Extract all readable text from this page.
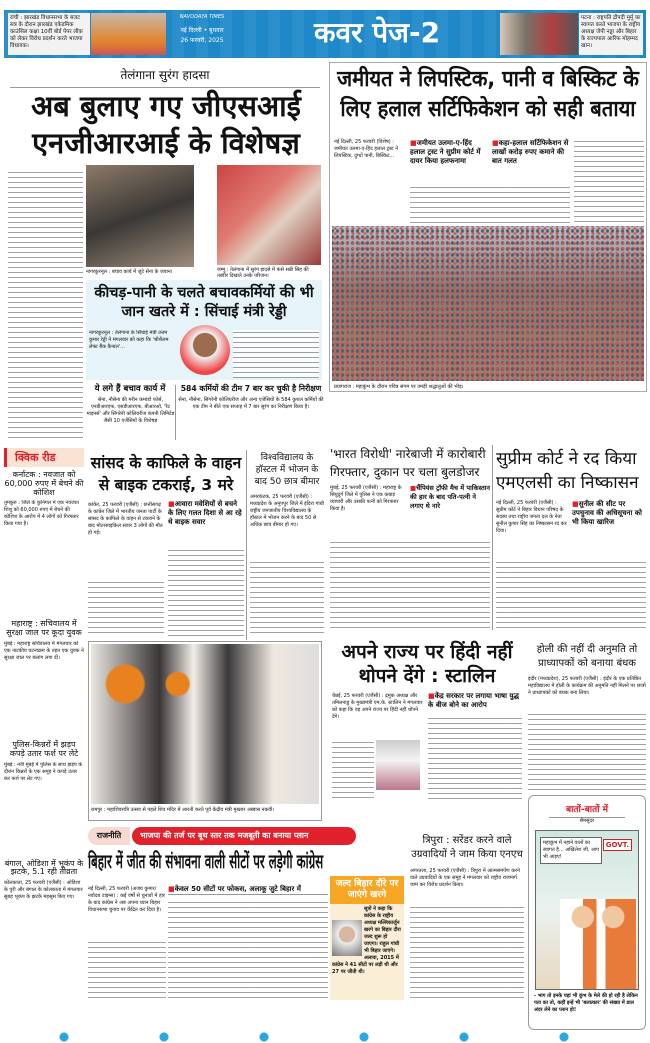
रांची : झारखंड विधानसभा के बजट सत्र के दौरान झारखंड एकेडमिक काउंसिल कक्षा 10वीं बोर्ड पेपर लीक को लेकर विरोध प्रदर्शन करते भाजपा विधायक।
NAVODAYA TIMES
नई दिल्ली • बुधवार
26 फरवरी, 2025	कवर पेज-2	पटना : राष्ट्रपति द्रौपदी मुर्मू का स्वागत करते भाजपा के राष्ट्रीय अध्यक्ष जेपी नड्डा और बिहार के राज्यपाल आरिफ मोहम्मद खान।
तेलंगाना सुरंग हादसा
अब बुलाए गए जीएसआई एनजीआरआई के विशेषज्ञ
नागरकुरनूल : बचाव कार्य में जुटे सेना के जवान।	जम्मू : तेलंगाना में सुरंग हादसे में फंसे सन्नी सिंह की तस्वीर दिखाते उनके परिजन।
कीचड़-पानी के चलते बचावकर्मियों की भी जान खतरे में : सिंचाई मंत्री रेड्डी
नागरकुरनूल : तेलंगाना के सिंचाई मंत्री उत्तम कुमार रेड्डी ने मंगलवार को कहा कि 'श्रीशैलम लेफ्ट बैंक कैनाल'...
ये लगे हैं बचाव कार्य में
सेना, नौसेना की मरीन कमांडो फोर्स, एनडीआरएफ, एसडीआरएफ, बीआरओ, 'रैट माइनर्स' और सिंगरेनी कोलियरीज कंपनी लिमिटेड जैसी 10 एजेंसियों के विशेषज्ञ
584 कर्मियों की टीम 7 बार कर चुकी है निरीक्षण
सेना, नौसेना, सिंगरेनी कोलियरीज और अन्य एजेंसियों के 584 कुशल कर्मियों की एक टीम ने बीते एक सप्ताह में 7 बार सुरंग का निरीक्षण किया है।
जमीयत ने लिपस्टिक, पानी व बिस्किट के लिए हलाल सर्टिफिकेशन को सही बताया
नई दिल्ली, 25 फरवरी (विशेष) : जमीयत उलमा-ए-हिंद हलाल ट्रस्ट ने लिपस्टिक, दुग्धों पानी, बिस्किट...
■ जमीयत उलमा-ए-हिंद हलाल ट्रस्ट ने सुप्रीम कोर्ट में दायर किया हलफनामा
■ कहा-हलाल सर्टिफिकेशन से लाखों करोड़ रुपए कमाने की बात गलत
प्रयागराज : महाकुंभ के दौरान पवित्र संगम पर उमड़ी श्रद्धालुओं की भीड़।
क्विक रीड
कर्नाटक : नवजात को 60,000 रुपए में बेचने की कोशिश
तुमकुरु : जिले के कुनिगल में एक नवजात शिशु को 60,000 रुपए में बेचने की कोशिश के आरोप में 4 लोगों को गिरफ्तार किया गया है।
महाराष्ट्र : सचिवालय में सुरक्षा जाल पर कूदा युवक
मुंबई : महाराष्ट्र सचिवालय में मंगलवार को एक नाटकीय घटनाक्रम के तहत एक युवक ने सुरक्षा जाल पर छलांग लगा दी।
पुलिस-किन्नरों में झड़प कपड़े उतार फर्श पर लेटे
मुंबई : नवी मुंबई में पुलिस के साथ झड़प के दौरान किन्नरों के एक समूह ने कपड़े उतार कर फर्श पर लेट गए।
बंगाल, ओडिशा में भूकंप के झटके, 5.1 रही तीव्रता
कोलकाता, 25 फरवरी (एजैंसी) : ओडिशा के पुरी और बंगाल के कोलकाता में मंगलवार सुबह भूकंप के झटके महसूस किए गए।
सांसद के काफिले के वाहन से बाइक टकराई, 3 मरे
कांकेर, 25 फरवरी (एजैंसी) : छत्तीसगढ़ के कांकेर जिले में भारतीय जनता पार्टी के सांसद के काफिले के वाहन से टकराने के बाद मोटरसाइकिल सवार 3 लोगों की मौत हो गई।
■ आवारा मवेशियों से बचने के लिए गलत दिशा से आ रहे थे बाइक सवार
विश्वविद्यालय के हॉस्टल में भोजन के बाद 50 छात्र बीमार
अमरकंटक, 25 फरवरी (एजैंसी) : मध्यप्रदेश के अनूपपुर जिले में इंदिरा गांधी राष्ट्रीय जनजातीय विश्वविद्यालय के हॉस्टल में भोजन करने के बाद 50 से अधिक छात्र बीमार हो गए।
रामपुर : महाशिवरात्रि उत्सव से पहले शिव मंदिर में आरती करते पूर्व केंद्रीय मंत्री मुख्तार अब्बास नकवी।
'भारत विरोधी' नारेबाजी में कारोबारी गिरफ्तार, दुकान पर चला बुलडोजर
मुंबई, 25 फरवरी (एजैंसी) : महाराष्ट्र के सिंधुदुर्ग जिले में पुलिस ने एक कबाड़ व्यापारी और उसकी पत्नी को गिरफ्तार किया है।
■ चैंपियंस ट्रॉफी मैच में पाकिस्तान की हार के बाद पति-पत्नी ने लगाए थे नारे
सुप्रीम कोर्ट ने रद किया एमएलसी का निष्कासन
नई दिल्ली, 25 फरवरी (एजैंसी) : सुप्रीम कोर्ट ने बिहार विधान परिषद के सदस्य तथा राष्ट्रीय जनता दल के नेता सुनील कुमार सिंह का निष्कासन रद कर दिया।
■ सुनील की सीट पर उपचुनाव की अधिसूचना को भी किया खारिज
अपने राज्य पर हिंदी नहीं थोपने देंगे : स्टालिन
चेन्नई, 25 फरवरी (एजैंसी) : द्रमुक अध्यक्ष और तमिलनाडु के मुख्यमंत्री एम.के. स्टालिन ने मंगलवार को कहा कि वह अपने राज्य पर हिंदी नहीं थोपने देंगे।
■ केंद्र सरकार पर लगाया भाषा युद्ध के बीज बोने का आरोप
होली की नहीं दी अनुमति तो प्राध्यापकों को बनाया बंधक
इंदौर (मध्यप्रदेश), 25 फरवरी (एजैंसी) : इंदौर के एक प्रतिष्ठित महाविद्यालय में होली के कार्यक्रम की अनुमति नहीं मिलने पर छात्रों ने प्राध्यापकों को बंधक बना लिया।
बातों-बातों में
सैमसुंदर
महाकुंभ में नहाने वालों का स्वागत है... अखिलेश जी, आप भी आइए!
GOVT.
- भाग तो इनके यहां भी कुंभ के मेले की हो रही है लेकिन पता का तो, कहीं इन्हें भी 'बलात्कार' की संख्या में डाल अंदर लेने का प्लान हो!
राजनीति	भाजपा की तर्ज पर बूथ स्तर तक मजबूती का बनाया प्लान
बिहार में जीत की संभावना वाली सीटों पर लड़ेगी कांग्रेस
नई दिल्ली, 25 फरवरी (अजय कुमार/नवोदय टाइम्स) : कई वर्षों से चुनावों में हार के बाद कांग्रेस ने अब अपना ध्यान बिहार विधानसभा चुनाव पर केंद्रित कर दिया है।
■ केवल 50 सीटों पर फोकस, अलाकू जुटे बिहार में	जल्द बिहार दौरे पर जाएंगे खरगे
सूत्रों ने कहा कि कांग्रेस के राष्ट्रीय अध्यक्ष मल्लिकार्जुन खरगे का बिहार दौरा जल्द शुरू हो जाएगा। राहुल गांधी भी बिहार जाएंगे। अलावा, 2015 में कांग्रेस ने 41 सीटों पर लड़ी थी और 27 पर जीती थी।
त्रिपुरा : सरेंडर करने वाले उग्रवादियों ने जाम किया एनएच
अगरतला, 25 फरवरी (एजैंसी) : त्रिपुरा में आत्मसमर्पण करने वाले उग्रवादियों के एक समूह ने मंगलवार को राष्ट्रीय राजमार्ग जाम कर विरोध प्रदर्शन किया।
